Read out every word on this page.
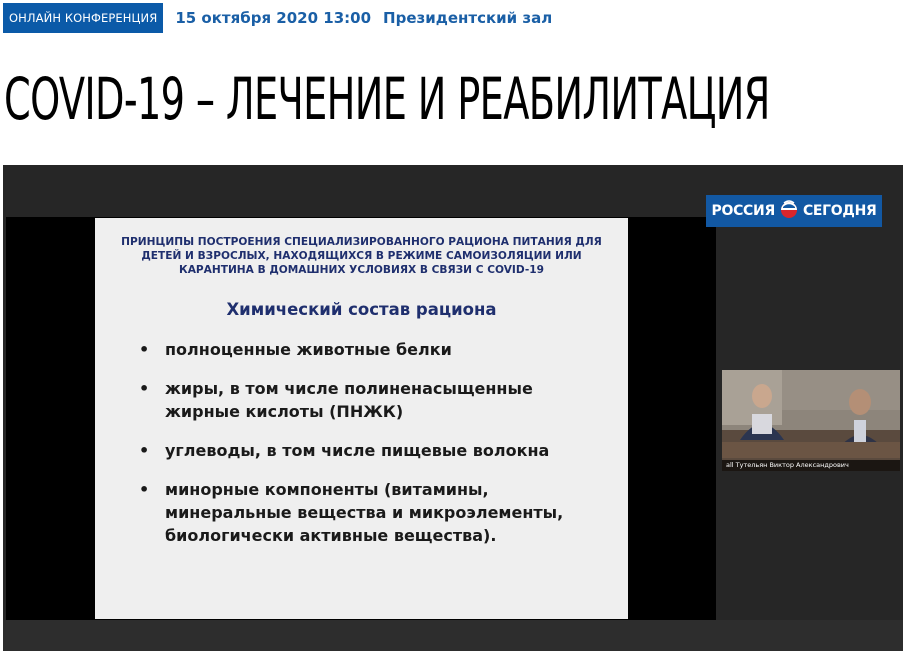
ОНЛАЙН КОНФЕРЕНЦИЯ	15 октября 2020 13:00 Президентский зал
COVID-19 – ЛЕЧЕНИЕ И РЕАБИЛИТАЦИЯ
ПРИНЦИПЫ ПОСТРОЕНИЯ СПЕЦИАЛИЗИРОВАННОГО РАЦИОНА ПИТАНИЯ ДЛЯ ДЕТЕЙ И ВЗРОСЛЫХ, НАХОДЯЩИХСЯ В РЕЖИМЕ САМОИЗОЛЯЦИИ ИЛИ КАРАНТИНА В ДОМАШНИХ УСЛОВИЯХ В СВЯЗИ С COVID-19
Химический состав рациона
• полноценные животные белки
• жиры, в том числе полиненасыщенные
жирные кислоты (ПНЖК)
• углеводы, в том числе пищевые волокна
• минорные компоненты (витамины,
минеральные вещества и микроэлементы,
биологически активные вещества).
РОССИЯ СЕГОДНЯ
all Тутельян Виктор Александрович
